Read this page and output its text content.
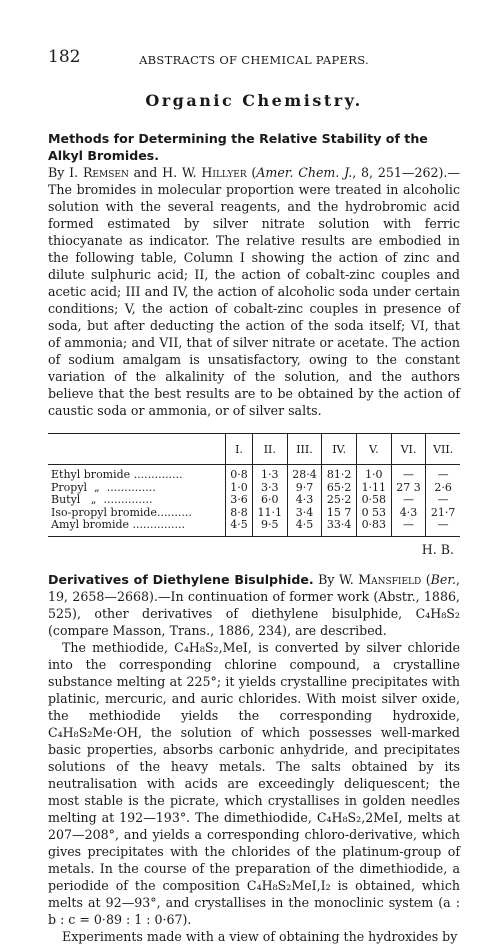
182	ABSTRACTS OF CHEMICAL PAPERS.
Organic Chemistry.
Methods for Determining the Relative Stability of the Alkyl Bromides.

By I. Remsen and H. W. Hillyer (Amer. Chem. J., 8, 251—262).—The bromides in molecular proportion were treated in alcoholic solution with the several reagents, and the hydrobromic acid formed estimated by silver nitrate solution with ferric thiocyanate as indicator. The relative results are embodied in the following table, Column I showing the action of zinc and dilute sulphuric acid; II, the action of cobalt-zinc couples and acetic acid; III and IV, the action of alcoholic soda under certain conditions; V, the action of cobalt-zinc couples in presence of soda, but after deducting the action of the soda itself; VI, that of ammonia; and VII, that of silver nitrate or acetate. The action of sodium amalgam is unsatisfactory, owing to the constant variation of the alkalinity of the solution, and the authors believe that the best results are to be obtained by the action of caustic soda or ammonia, or of silver salts.

	I.	II.	III.	IV.	V.	VI.	VII.
Ethyl bromide ..............	0·8	1·3	28·4	81·2	1·0	—	—
Propyl  „  ..............	1·0	3·3	9·7	65·2	1·11	27 3	2·6
Butyl   „  ..............	3·6	6·0	4·3	25·2	0·58	—	—
Iso-propyl bromide..........	8·8	11·1	3·4	15 7	0 53	4·3	21·7
Amyl bromide ...............	4·5	9·5	4·5	33·4	0·83	—	—
H. B.

Derivatives of Diethylene Bisulphide. By W. Mansfield (Ber., 19, 2658—2668).—In continuation of former work (Abstr., 1886, 525), other derivatives of diethylene bisulphide, C₄H₈S₂ (compare Masson, Trans., 1886, 234), are described.

The methiodide, C₄H₈S₂,MeI, is converted by silver chloride into the corresponding chlorine compound, a crystalline substance melting at 225°; it yields crystalline precipitates with platinic, mercuric, and auric chlorides. With moist silver oxide, the methiodide yields the corresponding hydroxide, C₄H₈S₂Me·OH, the solution of which possesses well-marked basic properties, absorbs carbonic anhydride, and precipitates solutions of the heavy metals. The salts obtained by its neutralisation with acids are exceedingly deliquescent; the most stable is the picrate, which crystallises in golden needles melting at 192—193°. The dimethiodide, C₄H₈S₂,2MeI, melts at 207—208°, and yields a corresponding chloro-derivative, which gives precipitates with the chlorides of the platinum-group of metals. In the course of the preparation of the dimethiodide, a periodide of the composition C₄H₈S₂MeI,I₂ is obtained, which melts at 92—93°, and crystallises in the monoclinic system (a : b : c = 0·89 : 1 : 0·67).

Experiments made with a view of obtaining the hydroxides by
